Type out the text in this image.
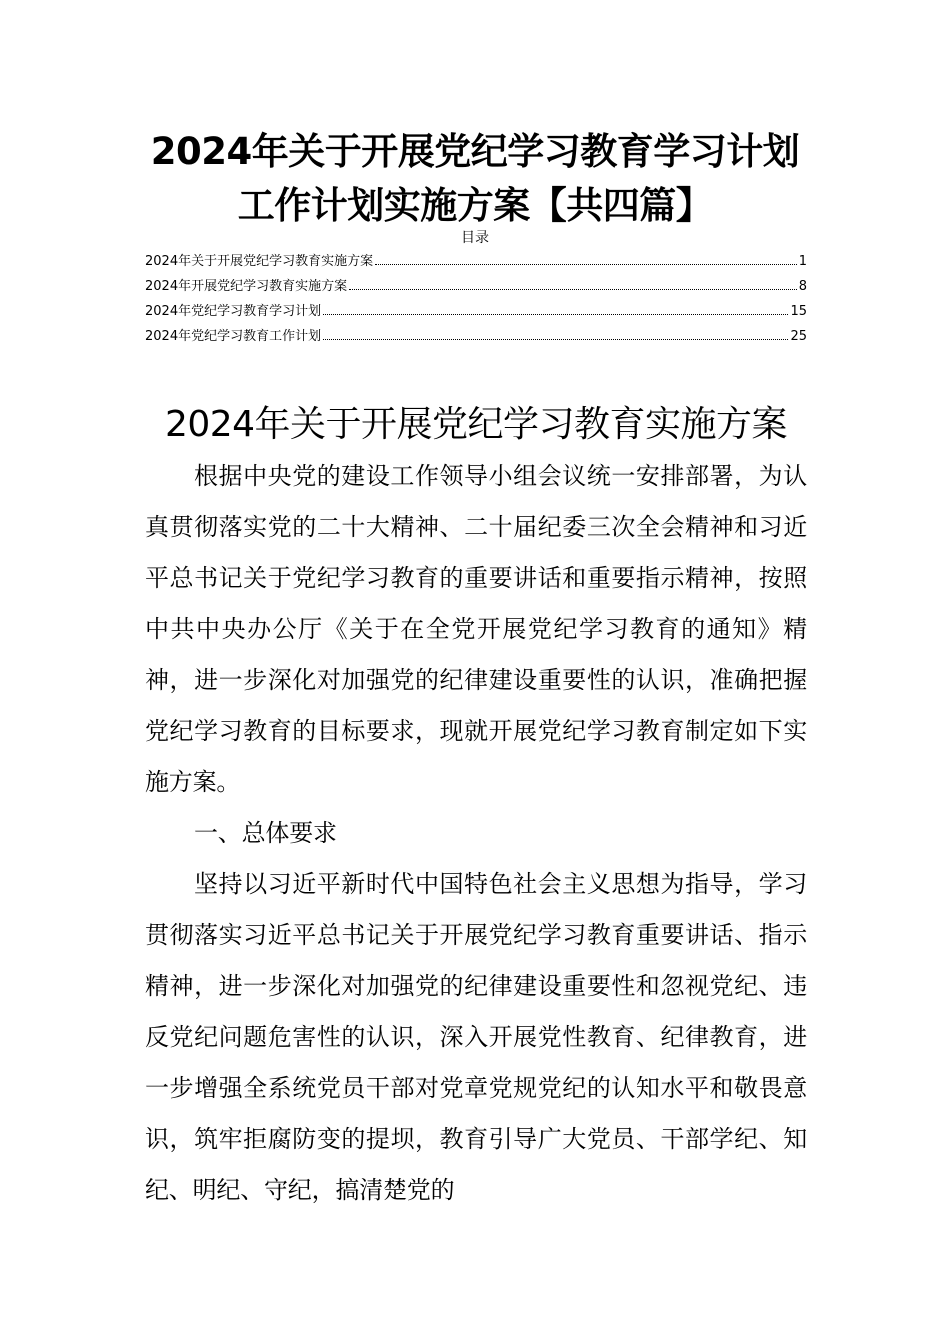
2024年关于开展党纪学习教育学习计划
工作计划实施方案【共四篇】
目录
2024年关于开展党纪学习教育实施方案	1
2024年开展党纪学习教育实施方案	8
2024年党纪学习教育学习计划	15
2024年党纪学习教育工作计划	25
2024年关于开展党纪学习教育实施方案

根据中央党的建设工作领导小组会议统一安排部署，为认真贯彻落实党的二十大精神、二十届纪委三次全会精神和习近平总书记关于党纪学习教育的重要讲话和重要指示精神，按照中共中央办公厅《关于在全党开展党纪学习教育的通知》精神，进一步深化对加强党的纪律建设重要性的认识，准确把握党纪学习教育的目标要求，现就开展党纪学习教育制定如下实施方案。

一、总体要求

坚持以习近平新时代中国特色社会主义思想为指导，学习贯彻落实习近平总书记关于开展党纪学习教育重要讲话、指示精神，进一步深化对加强党的纪律建设重要性和忽视党纪、违反党纪问题危害性的认识，深入开展党性教育、纪律教育，进一步增强全系统党员干部对党章党规党纪的认知水平和敬畏意识，筑牢拒腐防变的提坝，教育引导广大党员、干部学纪、知纪、明纪、守纪，搞清楚党的
